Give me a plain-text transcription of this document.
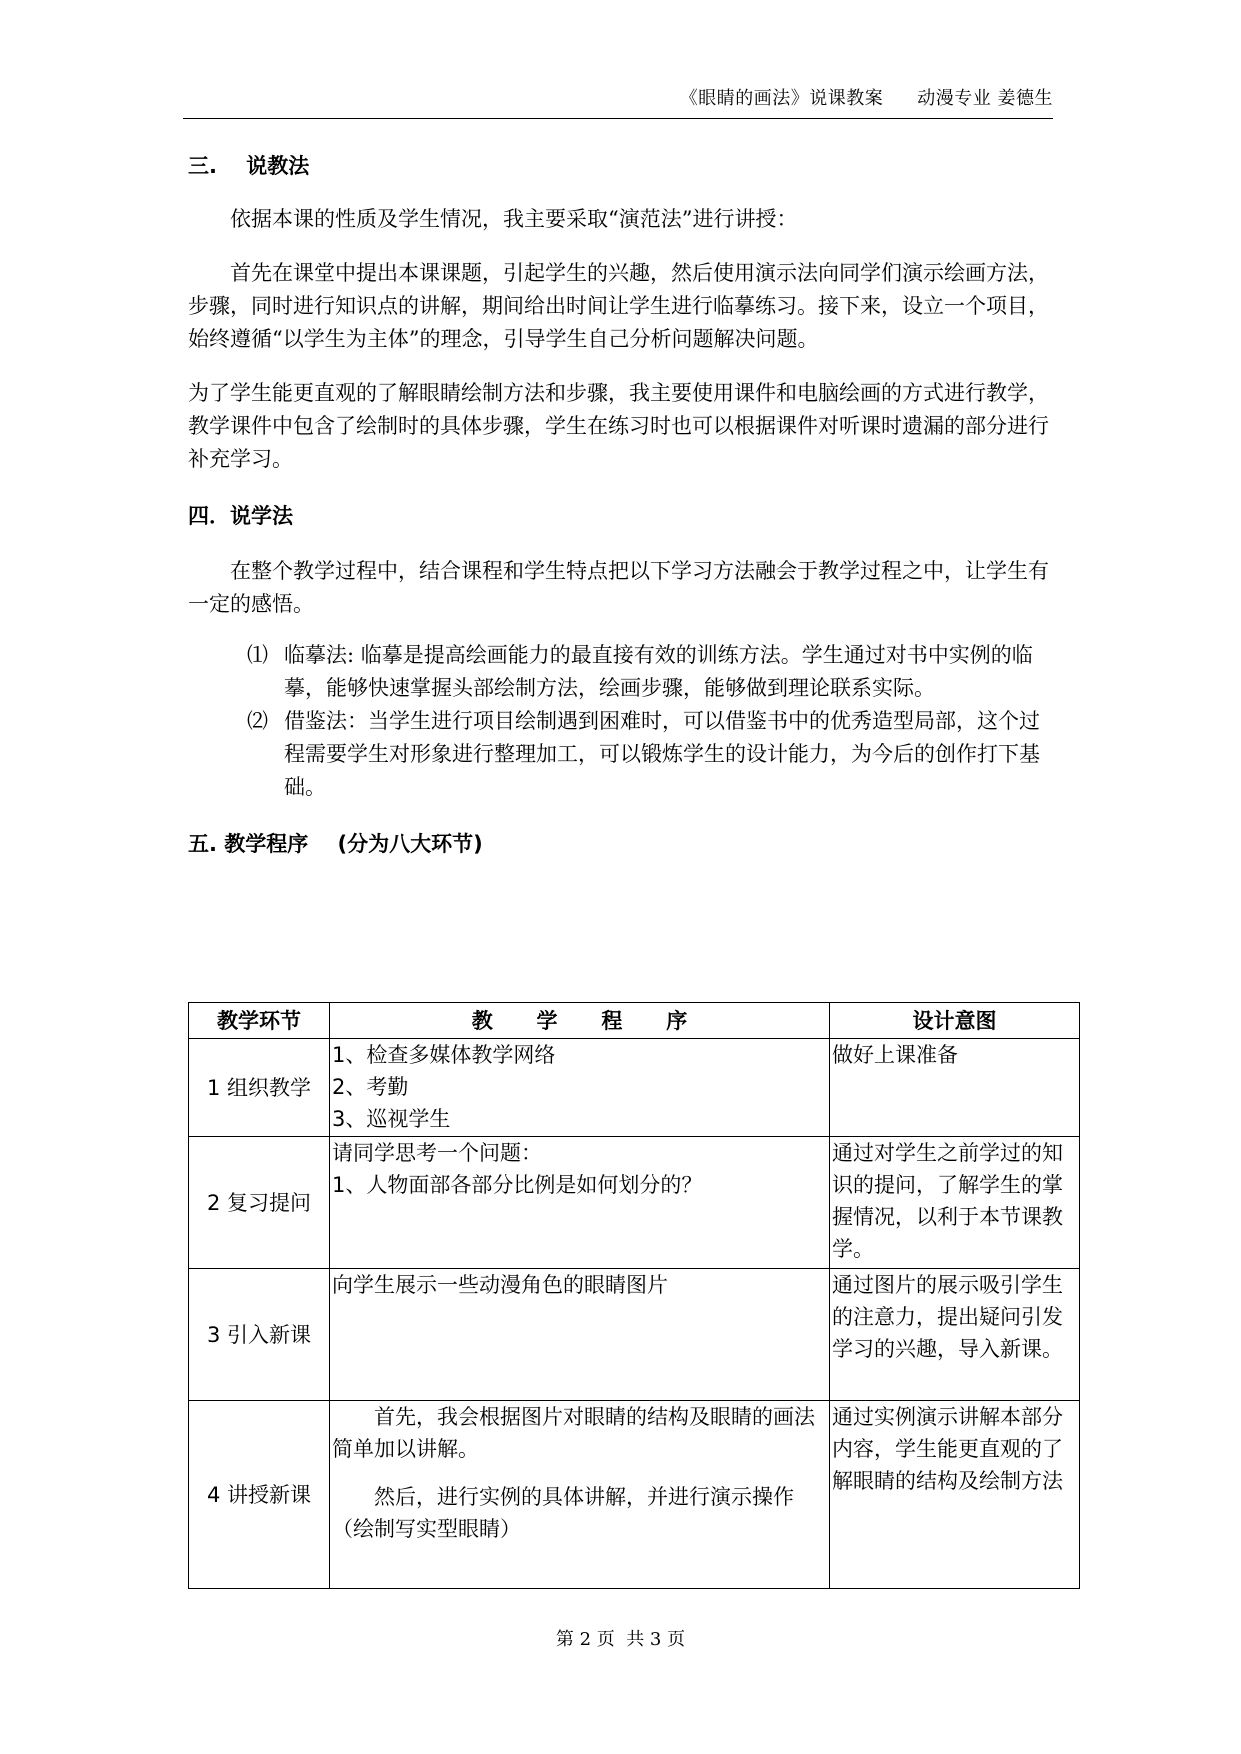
《眼睛的画法》说课教案 动漫专业 姜德生

三.    说教法

依据本课的性质及学生情况，我主要采取“演范法”进行讲授：

首先在课堂中提出本课课题，引起学生的兴趣，然后使用演示法向同学们演示绘画方法，步骤，同时进行知识点的讲解，期间给出时间让学生进行临摹练习。接下来，设立一个项目，始终遵循“以学生为主体”的理念，引导学生自己分析问题解决问题。

为了学生能更直观的了解眼睛绘制方法和步骤，我主要使用课件和电脑绘画的方式进行教学，教学课件中包含了绘制时的具体步骤，学生在练习时也可以根据课件对听课时遗漏的部分进行补充学习。

四．说学法

在整个教学过程中，结合课程和学生特点把以下学习方法融会于教学过程之中，让学生有一定的感悟。

⑴ 临摹法: 临摹是提高绘画能力的最直接有效的训练方法。学生通过对书中实例的临摹，能够快速掌握头部绘制方法，绘画步骤，能够做到理论联系实际。
⑵ 借鉴法：当学生进行项目绘制遇到困难时，可以借鉴书中的优秀造型局部，这个过程需要学生对形象进行整理加工，可以锻炼学生的设计能力，为今后的创作打下基础。

五. 教学程序    (分为八大环节)

教学环节	教      学      程      序	设计意图
1 组织教学	1、检查多媒体教学网络
2、考勤
3、巡视学生	做好上课准备
2 复习提问	请同学思考一个问题：
1、人物面部各部分比例是如何划分的？	通过对学生之前学过的知识的提问，了解学生的掌握情况，以利于本节课教学。
3 引入新课	向学生展示一些动漫角色的眼睛图片	通过图片的展示吸引学生的注意力，提出疑问引发学习的兴趣，导入新课。
4 讲授新课	首先，我会根据图片对眼睛的结构及眼睛的画法简单加以讲解。
然后，进行实例的具体讲解，并进行演示操作（绘制写实型眼睛）	通过实例演示讲解本部分内容，学生能更直观的了解眼睛的结构及绘制方法
第 2 页  共 3 页
